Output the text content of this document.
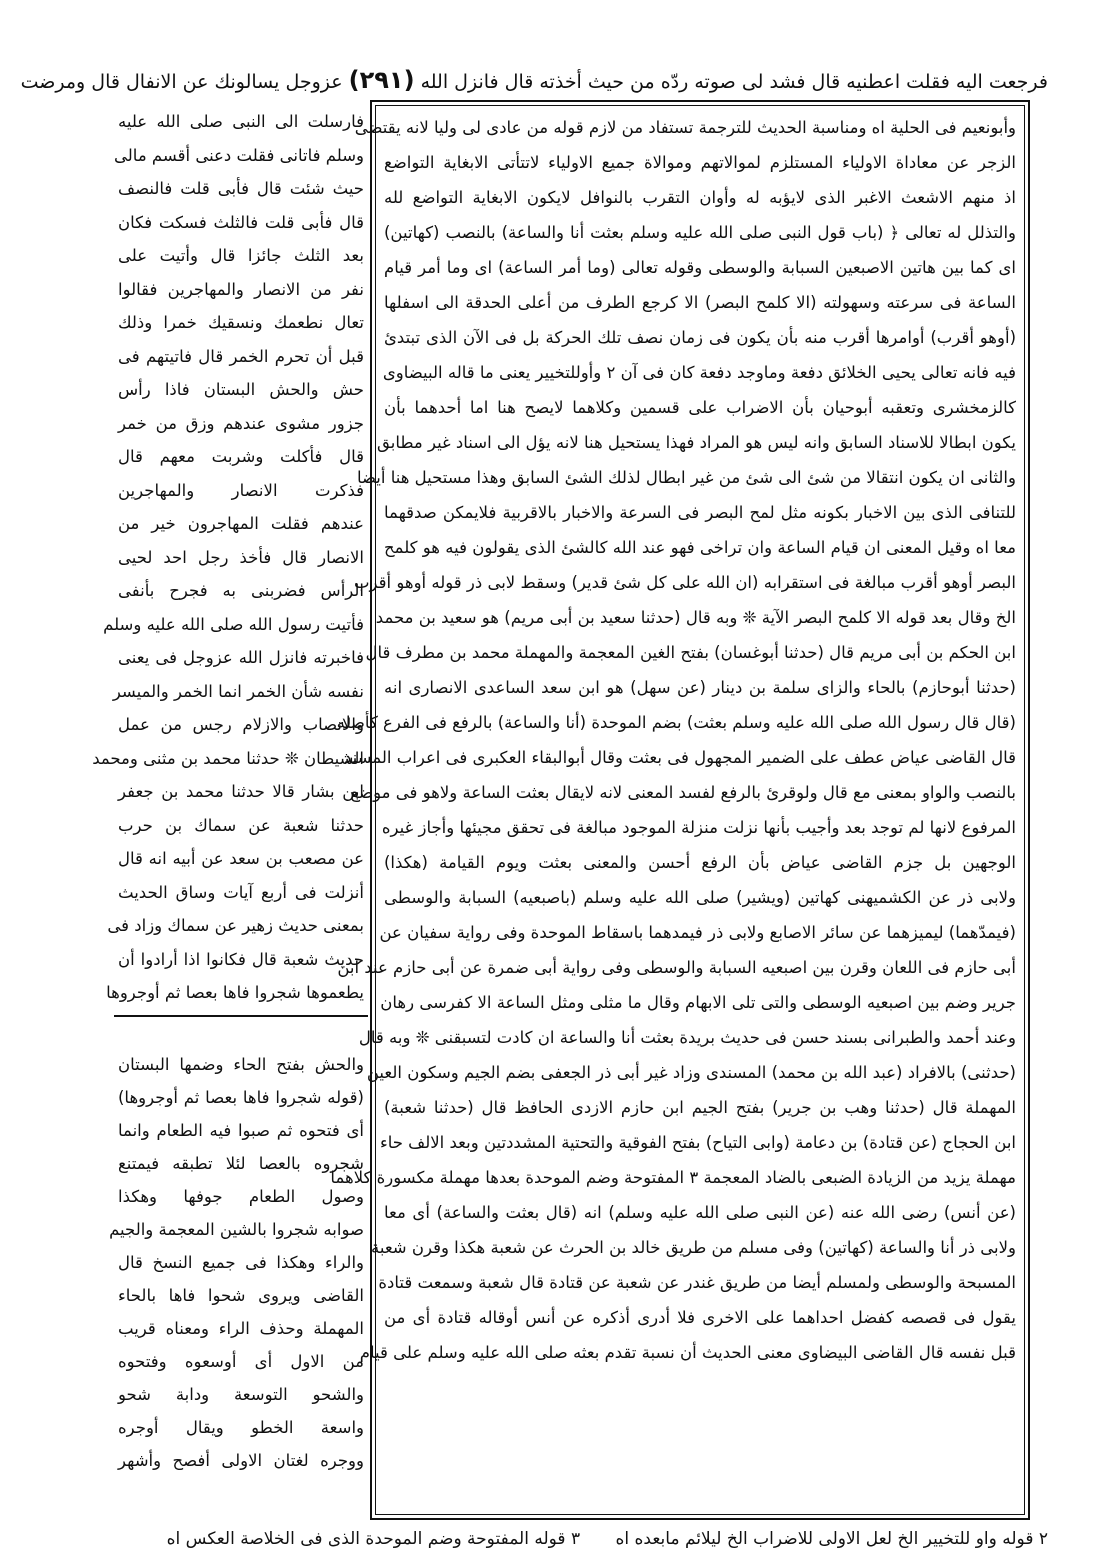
فرجعت اليه فقلت اعطنيه قال فشد لى صوته ردّه من حيث أخذته قال فانزل الله (٢٩١) عزوجل يسالونك عن الانفال قال ومرضت
وأبونعيم فى الحلية اه ومناسبة الحديث للترجمة تستفاد من لازم قوله من عادى لى وليا لانه يقتضى
الزجر عن معاداة الاولياء المستلزم لموالاتهم وموالاة جميع الاولياء لاتتأتى الابغاية التواضع
اذ منهم الاشعث الاغبر الذى لايؤبه له وأوان التقرب بالنوافل لايكون الابغاية التواضع لله
والتذلل له تعالى ﴿ (باب قول النبى صلى الله عليه وسلم بعثت أنا والساعة) بالنصب (كهاتين)
اى كما بين هاتين الاصبعين السبابة والوسطى وقوله تعالى (وما أمر الساعة) اى وما أمر قيام
الساعة فى سرعته وسهولته (الا كلمح البصر) الا كرجع الطرف من أعلى الحدقة الى اسفلها
(أوهو أقرب) أوامرها أقرب منه بأن يكون فى زمان نصف تلك الحركة بل فى الآن الذى تبتدئ
فيه فانه تعالى يحيى الخلائق دفعة وماوجد دفعة كان فى آن ٢ وأوللتخيير يعنى ما قاله البيضاوى
كالزمخشرى وتعقبه أبوحيان بأن الاضراب على قسمين وكلاهما لايصح هنا اما أحدهما بأن
يكون ابطالا للاسناد السابق وانه ليس هو المراد فهذا يستحيل هنا لانه يؤل الى اسناد غير مطابق
والثانى ان يكون انتقالا من شئ الى شئ من غير ابطال لذلك الشئ السابق وهذا مستحيل هنا أيضا
للتنافى الذى بين الاخبار بكونه مثل لمح البصر فى السرعة والاخبار بالاقربية فلايمكن صدقهما
معا اه وقيل المعنى ان قيام الساعة وان تراخى فهو عند الله كالشئ الذى يقولون فيه هو كلمح
البصر أوهو أقرب مبالغة فى استقرابه (ان الله على كل شئ قدير) وسقط لابى ذر قوله أوهو أقرب
الخ وقال بعد قوله الا كلمح البصر الآية ❊ وبه قال (حدثنا سعيد بن أبى مريم) هو سعيد بن محمد
ابن الحكم بن أبى مريم قال (حدثنا أبوغسان) بفتح الغين المعجمة والمهملة محمد بن مطرف قال
(حدثنا أبوحازم) بالحاء والزاى سلمة بن دينار (عن سهل) هو ابن سعد الساعدى الانصارى انه
(قال قال رسول الله صلى الله عليه وسلم بعثت) بضم الموحدة (أنا والساعة) بالرفع فى الفرع كأصله
قال القاضى عياض عطف على الضمير المجهول فى بعثت وقال أبوالبقاء العكبرى فى اعراب المسند
بالنصب والواو بمعنى مع قال ولوقرئ بالرفع لفسد المعنى لانه لايقال بعثت الساعة ولاهو فى موضع
المرفوع لانها لم توجد بعد وأجيب بأنها نزلت منزلة الموجود مبالغة فى تحقق مجيئها وأجاز غيره
الوجهين بل جزم القاضى عياض بأن الرفع أحسن والمعنى بعثت ويوم القيامة (هكذا)
ولابى ذر عن الكشميهنى كهاتين (ويشير) صلى الله عليه وسلم (باصبعيه) السبابة والوسطى
(فيمدّهما) ليميزهما عن سائر الاصابع ولابى ذر فيمدهما باسقاط الموحدة وفى رواية سفيان عن
أبى حازم فى اللعان وقرن بين اصبعيه السبابة والوسطى وفى رواية أبى ضمرة عن أبى حازم عند ابن
جرير وضم بين اصبعيه الوسطى والتى تلى الابهام وقال ما مثلى ومثل الساعة الا كفرسى رهان
وعند أحمد والطبرانى بسند حسن فى حديث بريدة بعثت أنا والساعة ان كادت لتسبقنى ❊ وبه قال
(حدثنى) بالافراد (عبد الله بن محمد) المسندى وزاد غير أبى ذر الجعفى بضم الجيم وسكون العين
المهملة قال (حدثنا وهب بن جرير) بفتح الجيم ابن حازم الازدى الحافظ قال (حدثنا شعبة)
ابن الحجاج (عن قتادة) بن دعامة (وابى التياح) بفتح الفوقية والتحتية المشددتين وبعد الالف حاء
مهملة يزيد من الزيادة الضبعى بالضاد المعجمة ٣ المفتوحة وضم الموحدة بعدها مهملة مكسورة كلاهما
(عن أنس) رضى الله عنه (عن النبى صلى الله عليه وسلم) انه (قال بعثت والساعة) أى معا
ولابى ذر أنا والساعة (كهاتين) وفى مسلم من طريق خالد بن الحرث عن شعبة هكذا وقرن شعبة
المسبحة والوسطى ولمسلم أيضا من طريق غندر عن شعبة عن قتادة قال شعبة وسمعت قتادة
يقول فى قصصه كفضل احداهما على الاخرى فلا أدرى أذكره عن أنس أوقاله قتادة أى من
قبل نفسه قال القاضى البيضاوى معنى الحديث أن نسبة تقدم بعثه صلى الله عليه وسلم على قيام
فارسلت الى النبى صلى الله عليه
وسلم فاتانى فقلت دعنى أقسم مالى
حيث شئت قال فأبى قلت فالنصف
قال فأبى قلت فالثلث فسكت فكان
بعد الثلث جائزا قال وأتيت على
نفر من الانصار والمهاجرين فقالوا
تعال نطعمك ونسقيك خمرا وذلك
قبل أن تحرم الخمر قال فاتيتهم فى
حش والحش البستان فاذا رأس
جزور مشوى عندهم وزق من خمر
قال فأكلت وشربت معهم قال
فذكرت الانصار والمهاجرين
عندهم فقلت المهاجرون خير من
الانصار قال فأخذ رجل احد لحيى
الرأس فضربنى به فجرح بأنفى
فأتيت رسول الله صلى الله عليه وسلم
فاخبرته فانزل الله عزوجل فى يعنى
نفسه شأن الخمر انما الخمر والميسر
والانصاب والازلام رجس من عمل
الشيطان ❊ حدثنا محمد بن مثنى ومحمد
ابن بشار قالا حدثنا محمد بن جعفر
حدثنا شعبة عن سماك بن حرب
عن مصعب بن سعد عن أبيه انه قال
أنزلت فى أربع آيات وساق الحديث
بمعنى حديث زهير عن سماك وزاد فى
حديث شعبة قال فكانوا اذا أرادوا أن
يطعموها شجروا فاها بعصا ثم أوجروها
والحش بفتح الحاء وضمها البستان
(قوله شجروا فاها بعصا ثم أوجروها)
أى فتحوه ثم صبوا فيه الطعام وانما
شجروه بالعصا لئلا تطبقه فيمتنع
وصول الطعام جوفها وهكذا
صوابه شجروا بالشين المعجمة والجيم
والراء وهكذا فى جميع النسخ قال
القاضى ويروى شحوا فاها بالحاء
المهملة وحذف الراء ومعناه قريب
من الاول أى أوسعوه وفتحوه
والشحو التوسعة ودابة شحو
واسعة الخطو ويقال أوجره
ووجره لغتان الاولى أفصح وأشهر
٢ قوله واو للتخيير الخ لعل الاولى للاضراب الخ ليلائم مابعده اه ٣ قوله المفتوحة وضم الموحدة الذى فى الخلاصة العكس اه
